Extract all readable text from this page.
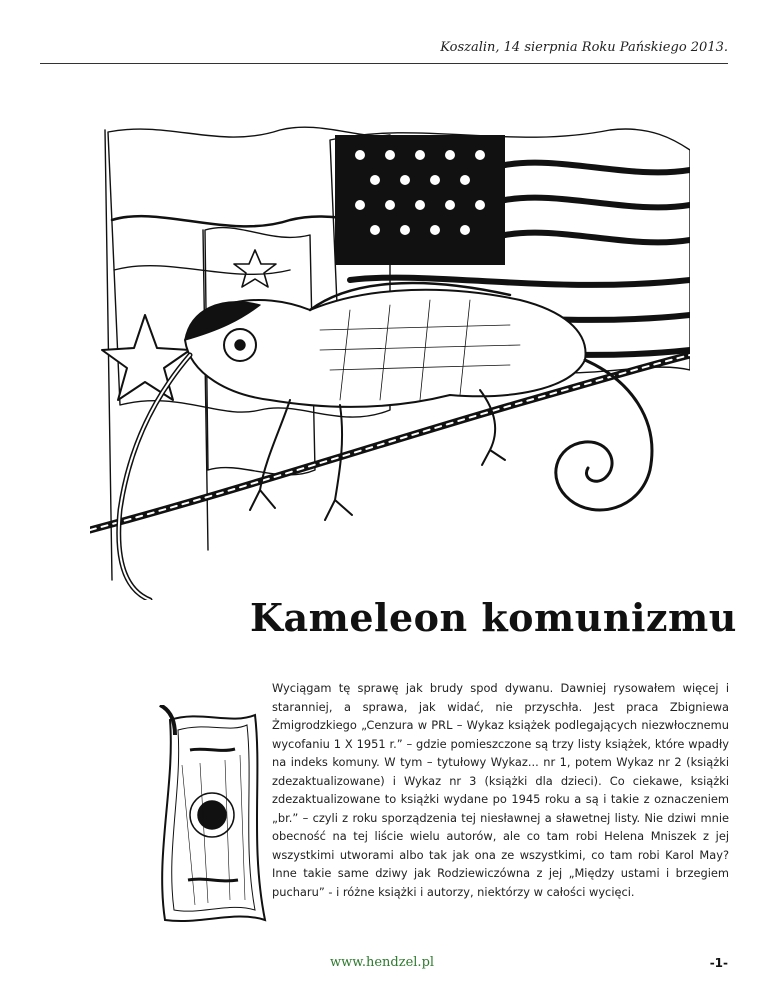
Koszalin, 14 sierpnia Roku Pańskiego 2013.
Kameleon komunizmu

Wyciągam tę sprawę jak brudy spod dywanu. Dawniej rysowałem więcej i staranniej, a sprawa, jak widać, nie przyschła. Jest praca Zbigniewa Żmigrodzkiego „Cenzura w PRL – Wykaz książek podlegających niezwłocznemu wycofaniu 1 X 1951 r.” – gdzie pomieszczone są trzy listy książek, które wpadły na indeks komuny. W tym – tytułowy Wykaz... nr 1, potem Wykaz nr 2 (książki zdezaktualizowane) i Wykaz nr 3 (książki dla dzieci). Co ciekawe, książki zdezaktualizowane to książki wydane po 1945 roku a są i takie z oznaczeniem „br.” – czyli z roku sporządzenia tej niesławnej a sławetnej listy. Nie dziwi mnie obecność na tej liście wielu autorów, ale co tam robi Helena Mniszek z jej wszystkimi utworami albo tak jak ona ze wszystkimi, co tam robi Karol May? Inne takie same dziwy jak Rodziewiczówna z jej „Między ustami i brzegiem pucharu” - i różne książki i autorzy, niektórzy w całości wycięci.

www.hendzel.pl	-1-
